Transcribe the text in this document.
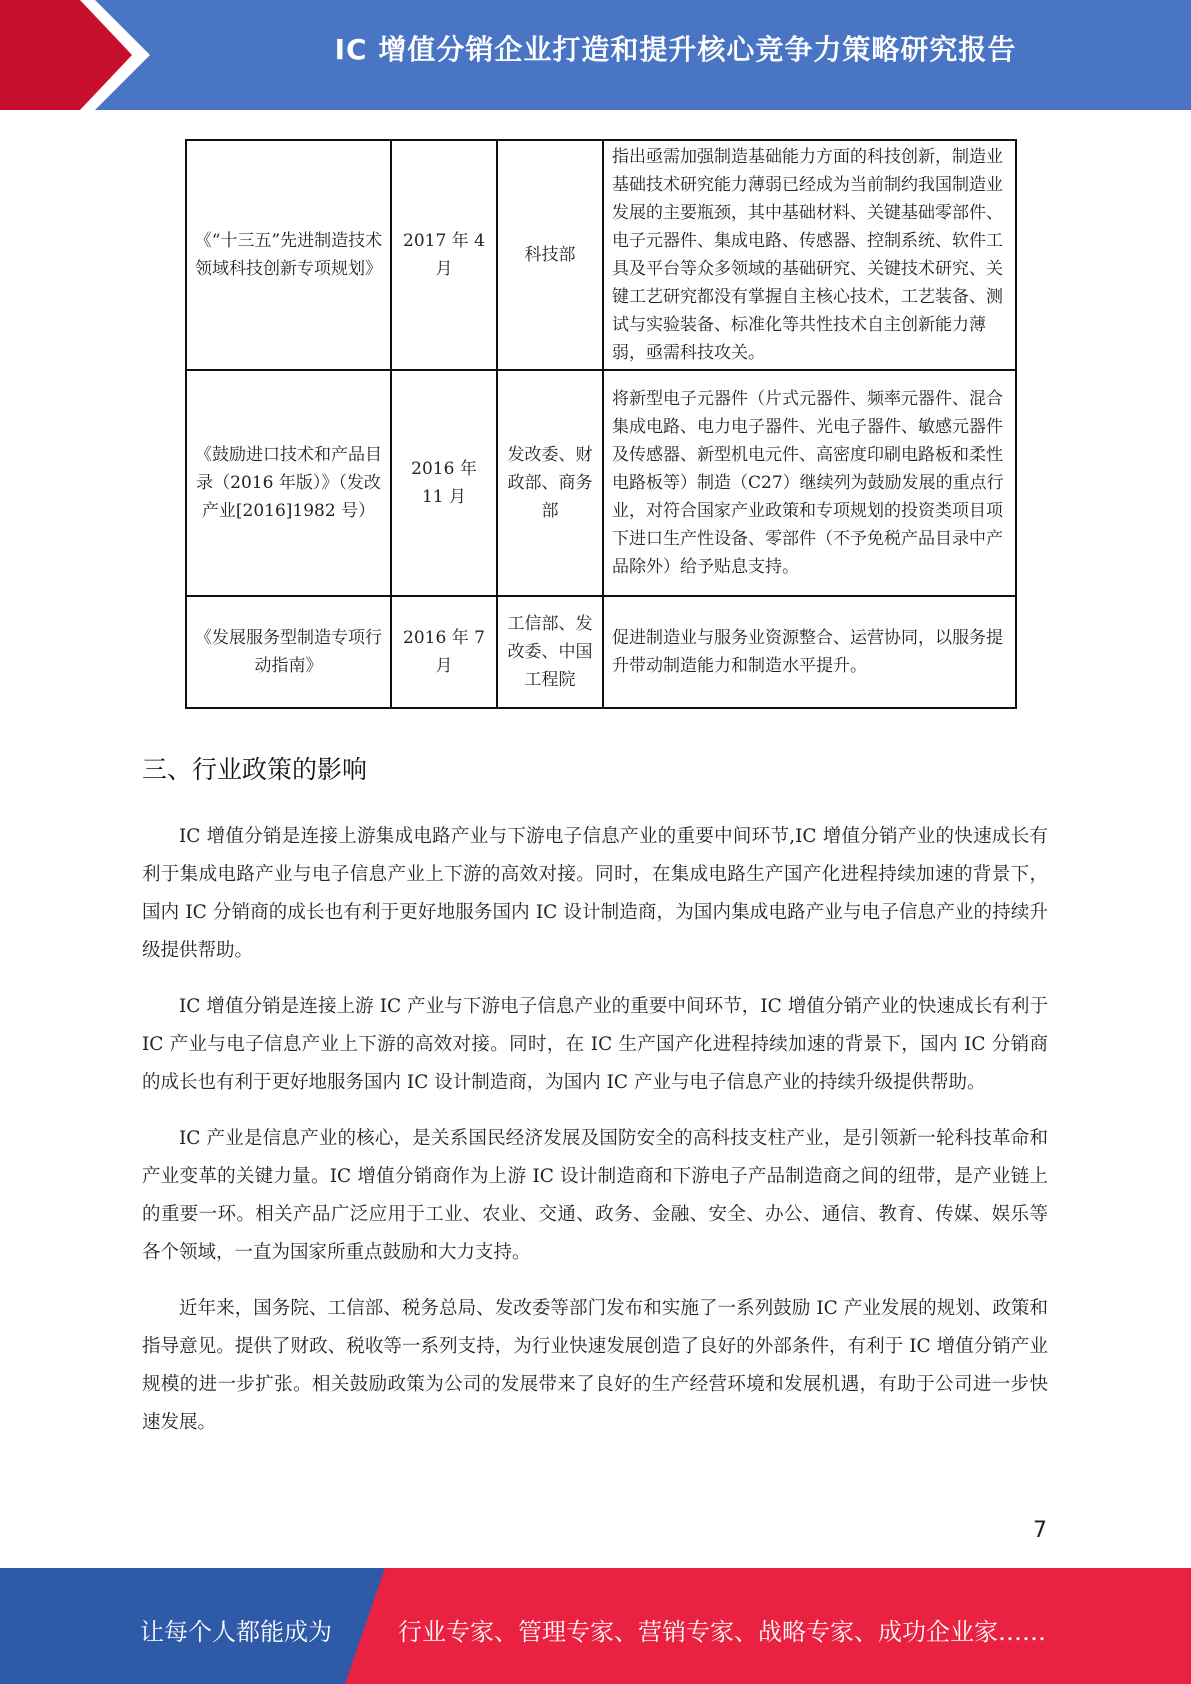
IC 增值分销企业打造和提升核心竞争力策略研究报告
《“十三五”先进制造技术领域科技创新专项规划》	2017 年 4 月	科技部	指出亟需加强制造基础能力方面的科技创新，制造业基础技术研究能力薄弱已经成为当前制约我国制造业发展的主要瓶颈，其中基础材料、关键基础零部件、电子元器件、集成电路、传感器、控制系统、软件工具及平台等众多领域的基础研究、关键技术研究、关键工艺研究都没有掌握自主核心技术，工艺装备、测试与实验装备、标准化等共性技术自主创新能力薄弱，亟需科技攻关。
《鼓励进口技术和产品目录（2016 年版）》（发改产业[2016]1982 号）	2016 年 11 月	发改委、财政部、商务部	将新型电子元器件（片式元器件、频率元器件、混合集成电路、电力电子器件、光电子器件、敏感元器件及传感器、新型机电元件、高密度印刷电路板和柔性电路板等）制造（C27）继续列为鼓励发展的重点行业，对符合国家产业政策和专项规划的投资类项目项下进口生产性设备、零部件（不予免税产品目录中产品除外）给予贴息支持。
《发展服务型制造专项行动指南》	2016 年 7 月	工信部、发改委、中国工程院	促进制造业与服务业资源整合、运营协同，以服务提升带动制造能力和制造水平提升。
三、行业政策的影响

IC 增值分销是连接上游集成电路产业与下游电子信息产业的重要中间环节,IC 增值分销产业的快速成长有利于集成电路产业与电子信息产业上下游的高效对接。同时，在集成电路生产国产化进程持续加速的背景下，国内 IC 分销商的成长也有利于更好地服务国内 IC 设计制造商，为国内集成电路产业与电子信息产业的持续升级提供帮助。

IC 增值分销是连接上游 IC 产业与下游电子信息产业的重要中间环节，IC 增值分销产业的快速成长有利于 IC 产业与电子信息产业上下游的高效对接。同时，在 IC 生产国产化进程持续加速的背景下，国内 IC 分销商的成长也有利于更好地服务国内 IC 设计制造商，为国内 IC 产业与电子信息产业的持续升级提供帮助。

IC 产业是信息产业的核心，是关系国民经济发展及国防安全的高科技支柱产业，是引领新一轮科技革命和产业变革的关键力量。IC 增值分销商作为上游 IC 设计制造商和下游电子产品制造商之间的纽带，是产业链上的重要一环。相关产品广泛应用于工业、农业、交通、政务、金融、安全、办公、通信、教育、传媒、娱乐等各个领域，一直为国家所重点鼓励和大力支持。

近年来，国务院、工信部、税务总局、发改委等部门发布和实施了一系列鼓励 IC 产业发展的规划、政策和指导意见。提供了财政、税收等一系列支持，为行业快速发展创造了良好的外部条件，有利于 IC 增值分销产业规模的进一步扩张。相关鼓励政策为公司的发展带来了良好的生产经营环境和发展机遇，有助于公司进一步快速发展。

7
让每个人都能成为	行业专家、管理专家、营销专家、战略专家、成功企业家……
